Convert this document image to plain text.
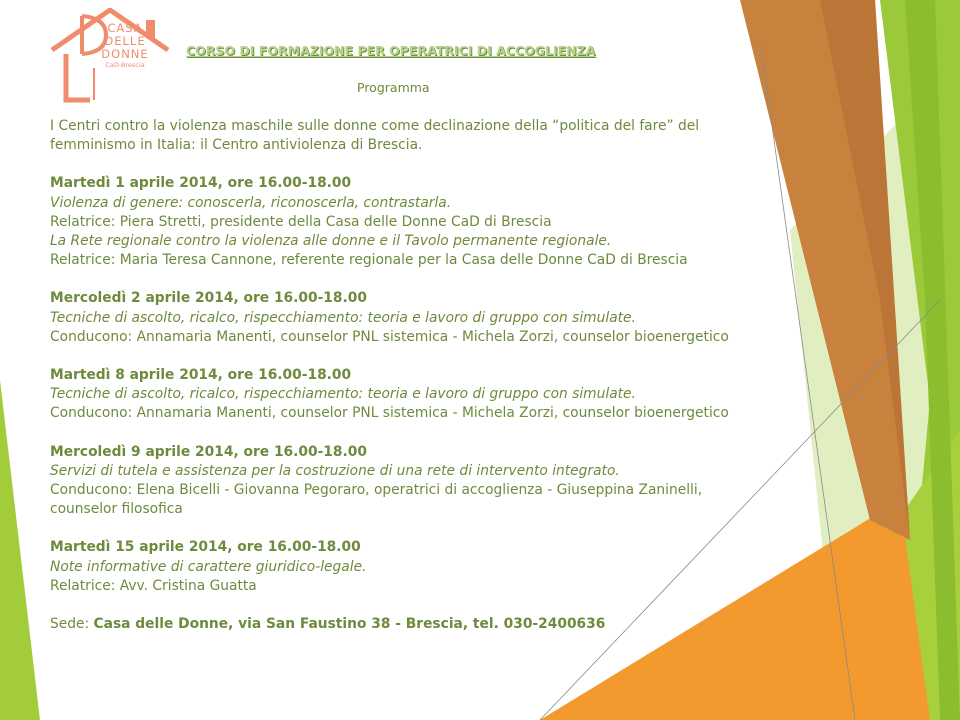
CASA
DELLE
DONNE
CaD-Brescia
CORSO DI FORMAZIONE PER OPERATRICI DI ACCOGLIENZA
Programma

I Centri contro la violenza maschile sulle donne come declinazione della “politica del fare” del femminismo in Italia: il Centro antiviolenza di Brescia.

Martedì 1 aprile 2014, ore 16.00-18.00

Violenza di genere: conoscerla, riconoscerla, contrastarla.

Relatrice: Piera Stretti, presidente della Casa delle Donne CaD di Brescia

La Rete regionale contro la violenza alle donne e il Tavolo permanente regionale.

Relatrice: Maria Teresa Cannone, referente regionale per la Casa delle Donne CaD di Brescia

Mercoledì 2 aprile 2014, ore 16.00-18.00

Tecniche di ascolto, ricalco, rispecchiamento: teoria e lavoro di gruppo con simulate.

Conducono: Annamaria Manenti, counselor PNL sistemica - Michela Zorzi, counselor bioenergetico

Martedì 8 aprile 2014, ore 16.00-18.00

Tecniche di ascolto, ricalco, rispecchiamento: teoria e lavoro di gruppo con simulate.

Conducono: Annamaria Manenti, counselor PNL sistemica - Michela Zorzi, counselor bioenergetico

Mercoledì 9 aprile 2014, ore 16.00-18.00

Servizi di tutela e assistenza per la costruzione di una rete di intervento integrato.

Conducono: Elena Bicelli - Giovanna Pegoraro, operatrici di accoglienza - Giuseppina Zaninelli, counselor filosofica

Martedì 15 aprile 2014, ore 16.00-18.00

Note informative di carattere giuridico-legale.

Relatrice: Avv. Cristina Guatta

Sede: Casa delle Donne, via San Faustino 38 - Brescia, tel. 030-2400636
